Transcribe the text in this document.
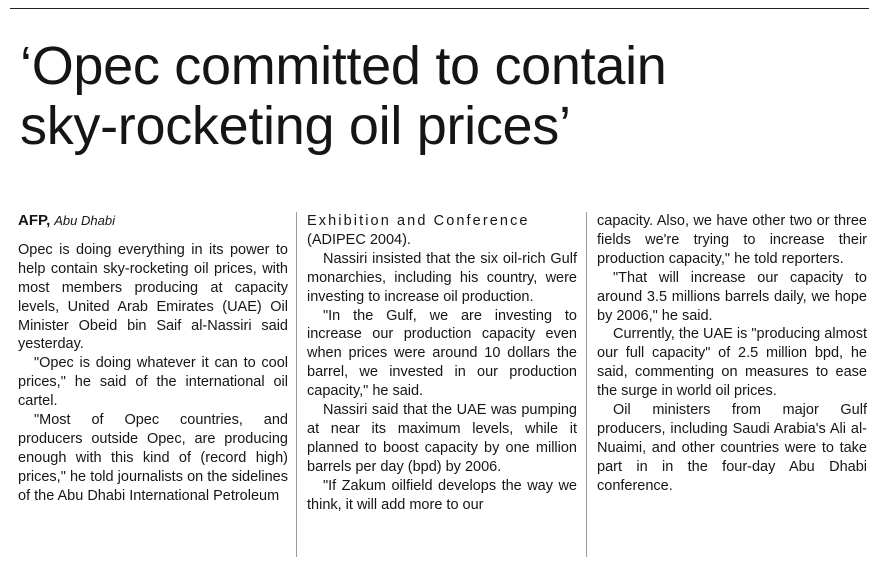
‘Opec committed to contain
sky-rocketing oil prices’
AFP, Abu Dhabi

Opec is doing everything in its power to help contain sky-rocketing oil prices, with most members producing at capacity levels, United Arab Emirates (UAE) Oil Minister Obeid bin Saif al-Nassiri said yesterday.

"Opec is doing whatever it can to cool prices," he said of the international oil cartel.

"Most of Opec countries, and producers outside Opec, are producing enough with this kind of (record high) prices," he told journalists on the sidelines of the Abu Dhabi International Petroleum

Exhibition and Conference

(ADIPEC 2004).

Nassiri insisted that the six oil-rich Gulf monarchies, including his country, were investing to increase oil production.

"In the Gulf, we are investing to increase our production capacity even when prices were around 10 dollars the barrel, we invested in our production capacity," he said.

Nassiri said that the UAE was pumping at near its maximum levels, while it planned to boost capacity by one million barrels per day (bpd) by 2006.

"If Zakum oilfield develops the way we think, it will add more to our

capacity. Also, we have other two or three fields we're trying to increase their production capacity," he told reporters.

"That will increase our capacity to around 3.5 millions barrels daily, we hope by 2006," he said.

Currently, the UAE is "producing almost our full capacity" of 2.5 million bpd, he said, commenting on measures to ease the surge in world oil prices.

Oil ministers from major Gulf producers, including Saudi Arabia's Ali al-Nuaimi, and other countries were to take part in in the four-day Abu Dhabi conference.
